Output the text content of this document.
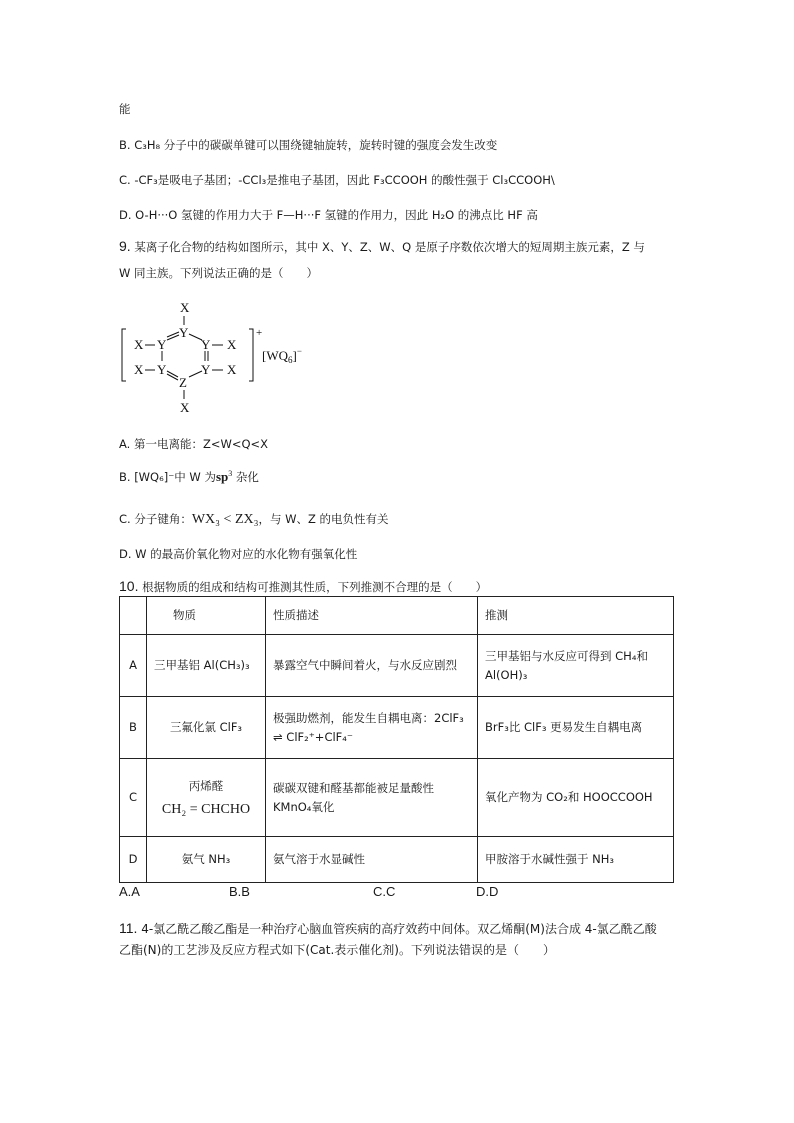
能
B. C₃H₈ 分子中的碳碳单键可以围绕键轴旋转，旋转时键的强度会发生改变
C. -CF₃是吸电子基团；-CCl₃是推电子基团，因此 F₃CCOOH 的酸性强于 Cl₃CCOOH\
D. O-H···O 氢键的作用力大于 F—H···F 氢键的作用力，因此 H₂O 的沸点比 HF 高
9. 某离子化合物的结构如图所示，其中 X、Y、Z、W、Q 是原子序数依次增大的短周期主族元素，Z 与
W 同主族。下列说法正确的是（　　）
X
Y
X Y	Y X
X Y	Y X
Z
X
+
$[WQ_6]^-$
A. 第一电离能：Z<W<Q<X
B. [WQ₆]⁻中 W 为$sp^3$ 杂化
C. 分子键角：WX₃ < ZX₃，与 W、Z 的电负性有关
D. W 的最高价氧化物对应的水化物有强氧化性
10. 根据物质的组成和结构可推测其性质，下列推测不合理的是（　　）
	物质	性质描述	推测
A	三甲基铝 Al(CH₃)₃	暴露空气中瞬间着火，与水反应剧烈	三甲基铝与水反应可得到 CH₄和 Al(OH)₃
B	三氟化氯 ClF₃	极强助燃剂，能发生自耦电离：2ClF₃ ⇌ ClF₂⁺+ClF₄⁻	BrF₃比 ClF₃ 更易发生自耦电离
C	丙烯醛
CH₂ = CHCHO	碳碳双键和醛基都能被足量酸性 KMnO₄氧化	氧化产物为 CO₂和 HOOCCOOH
D	氨气 NH₃	氨气溶于水显碱性	甲胺溶于水碱性强于 NH₃
A.A	B.B	C.C	D.D
11. 4-氯乙酰乙酸乙酯是一种治疗心脑血管疾病的高疗效药中间体。双乙烯酮(M)法合成 4-氯乙酰乙酸
乙酯(N)的工艺涉及反应方程式如下(Cat.表示催化剂)。下列说法错误的是（　　）
